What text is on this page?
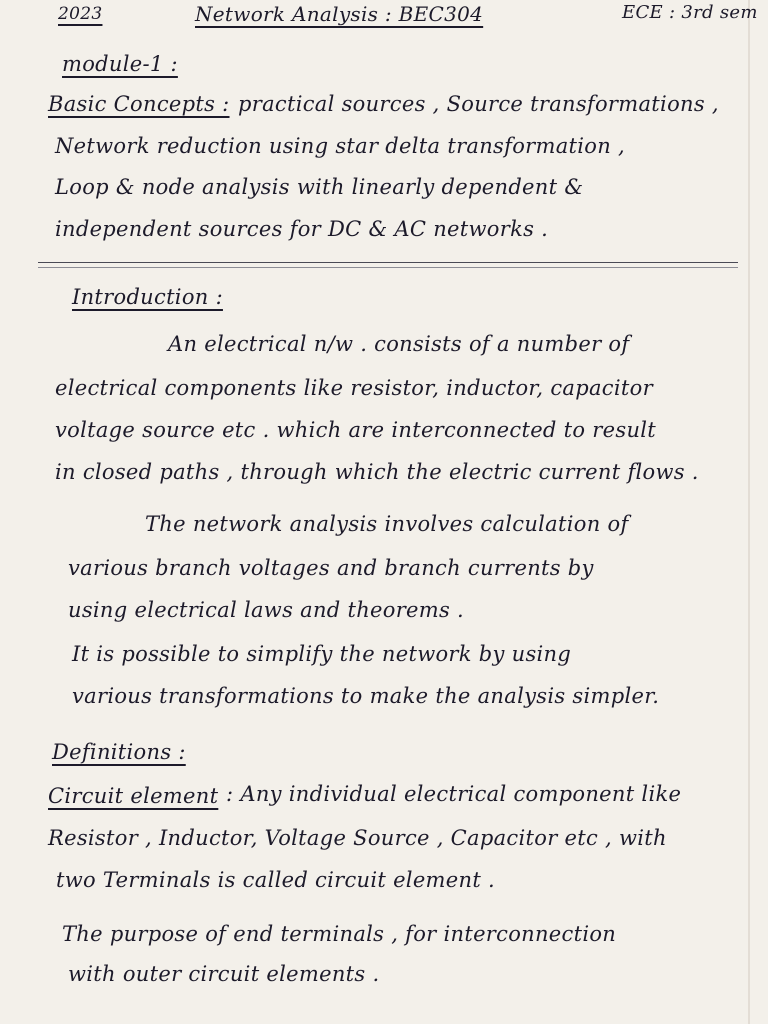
2023	Network Analysis : BEC304	ECE : 3rd sem
module-1 :
Basic Concepts : practical sources , Source transformations ,
Network reduction using star delta transformation ,
Loop & node analysis with linearly dependent &
independent sources for DC & AC networks .
Introduction :
An electrical n/w . consists of a number of
electrical components like resistor, inductor, capacitor
voltage source etc . which are interconnected to result
in closed paths , through which the electric current flows .
The network analysis involves calculation of
various branch voltages and branch currents by
using electrical laws and theorems .
It is possible to simplify the network by using
various transformations to make the analysis simpler.
Definitions :
Circuit element : Any individual electrical component like
Resistor , Inductor, Voltage Source , Capacitor etc , with
two Terminals is called circuit element .
The purpose of end terminals , for interconnection
with outer circuit elements .
